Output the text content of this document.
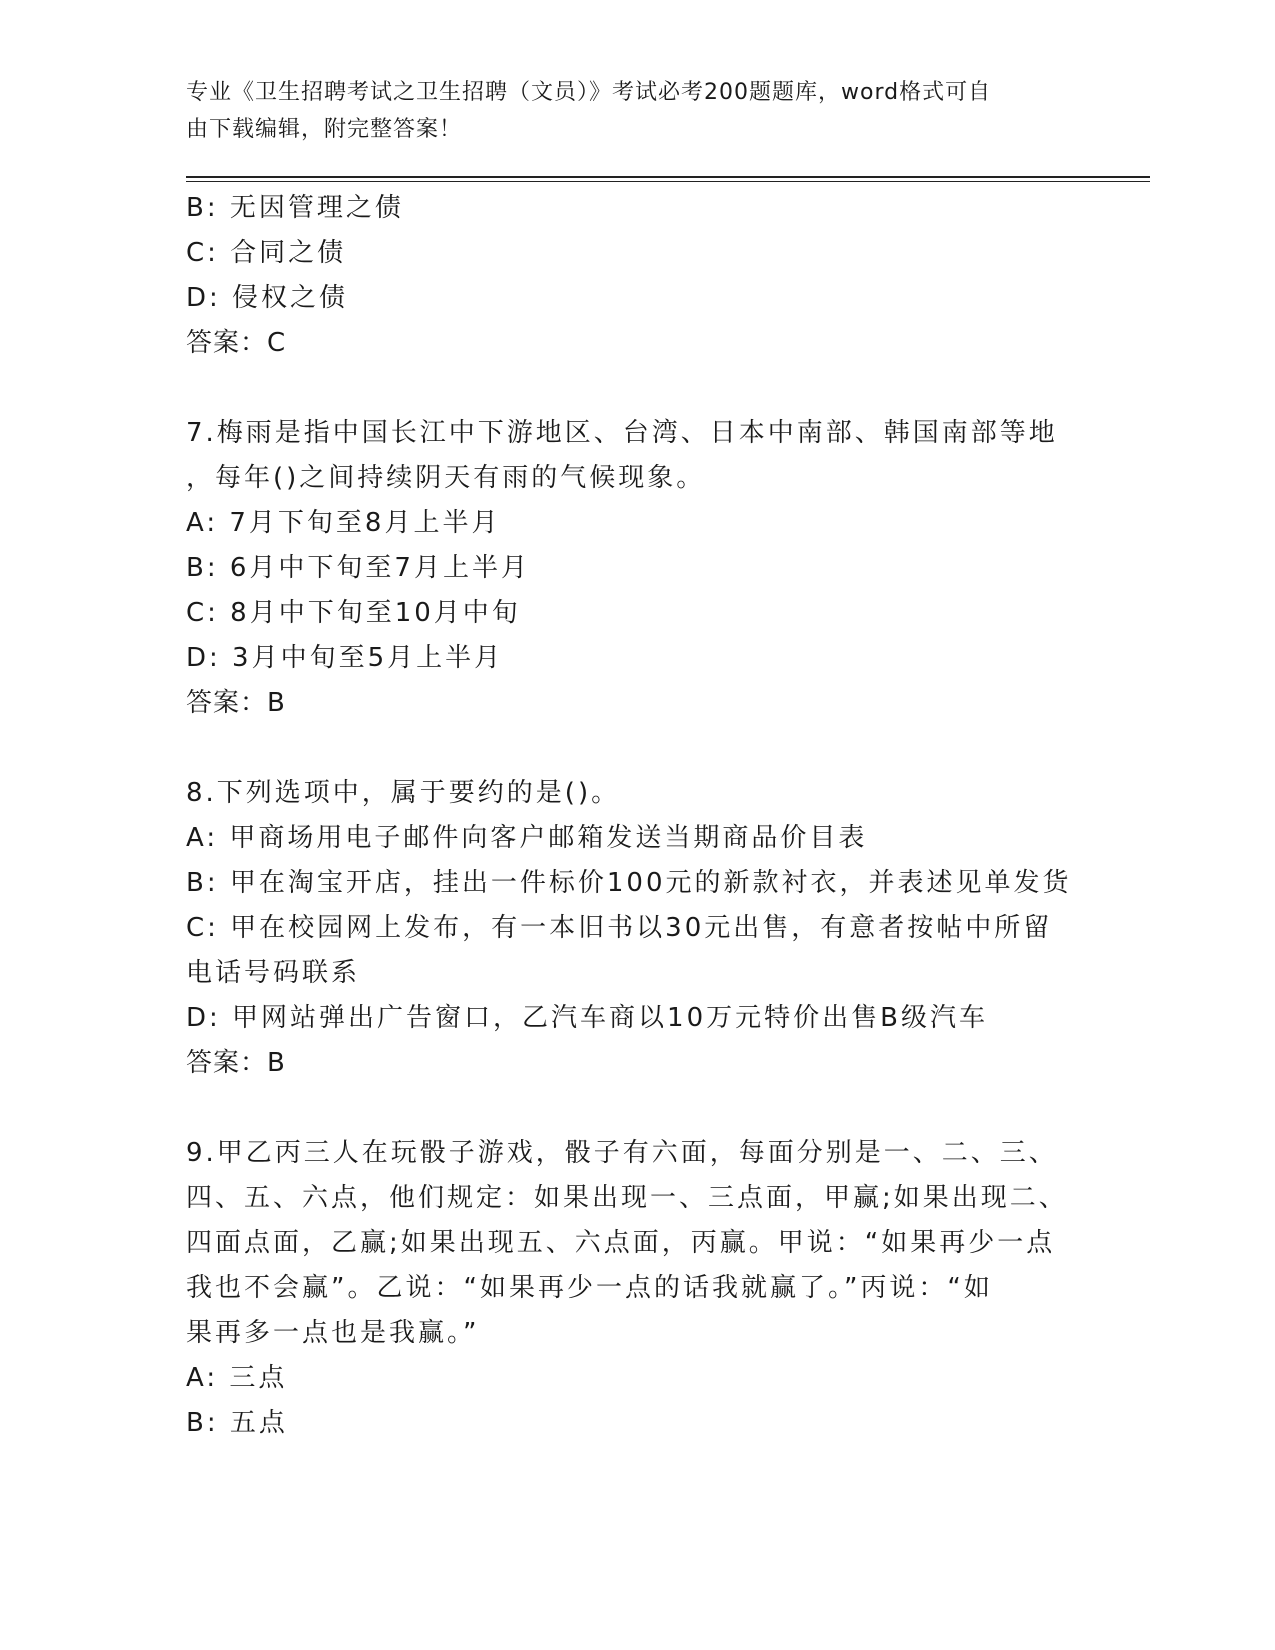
专业《卫生招聘考试之卫生招聘（文员）》考试必考200题题库，word格式可自
由下载编辑，附完整答案！
B: 无因管理之债
C: 合同之债
D: 侵权之债
答案：C
7.梅雨是指中国长江中下游地区、台湾、日本中南部、韩国南部等地
，每年()之间持续阴天有雨的气候现象。
A: 7月下旬至8月上半月
B: 6月中下旬至7月上半月
C: 8月中下旬至10月中旬
D: 3月中旬至5月上半月
答案：B
8.下列选项中，属于要约的是()。
A: 甲商场用电子邮件向客户邮箱发送当期商品价目表
B: 甲在淘宝开店，挂出一件标价100元的新款衬衣，并表述见单发货
C: 甲在校园网上发布，有一本旧书以30元出售，有意者按帖中所留
电话号码联系
D: 甲网站弹出广告窗口，乙汽车商以10万元特价出售B级汽车
答案：B
9.甲乙丙三人在玩骰子游戏，骰子有六面，每面分别是一、二、三、
四、五、六点，他们规定：如果出现一、三点面，甲赢;如果出现二、
四面点面，乙赢;如果出现五、六点面，丙赢。甲说：“如果再少一点
我也不会赢”。乙说：“如果再少一点的话我就赢了。”丙说：“如
果再多一点也是我赢。”
A: 三点
B: 五点
